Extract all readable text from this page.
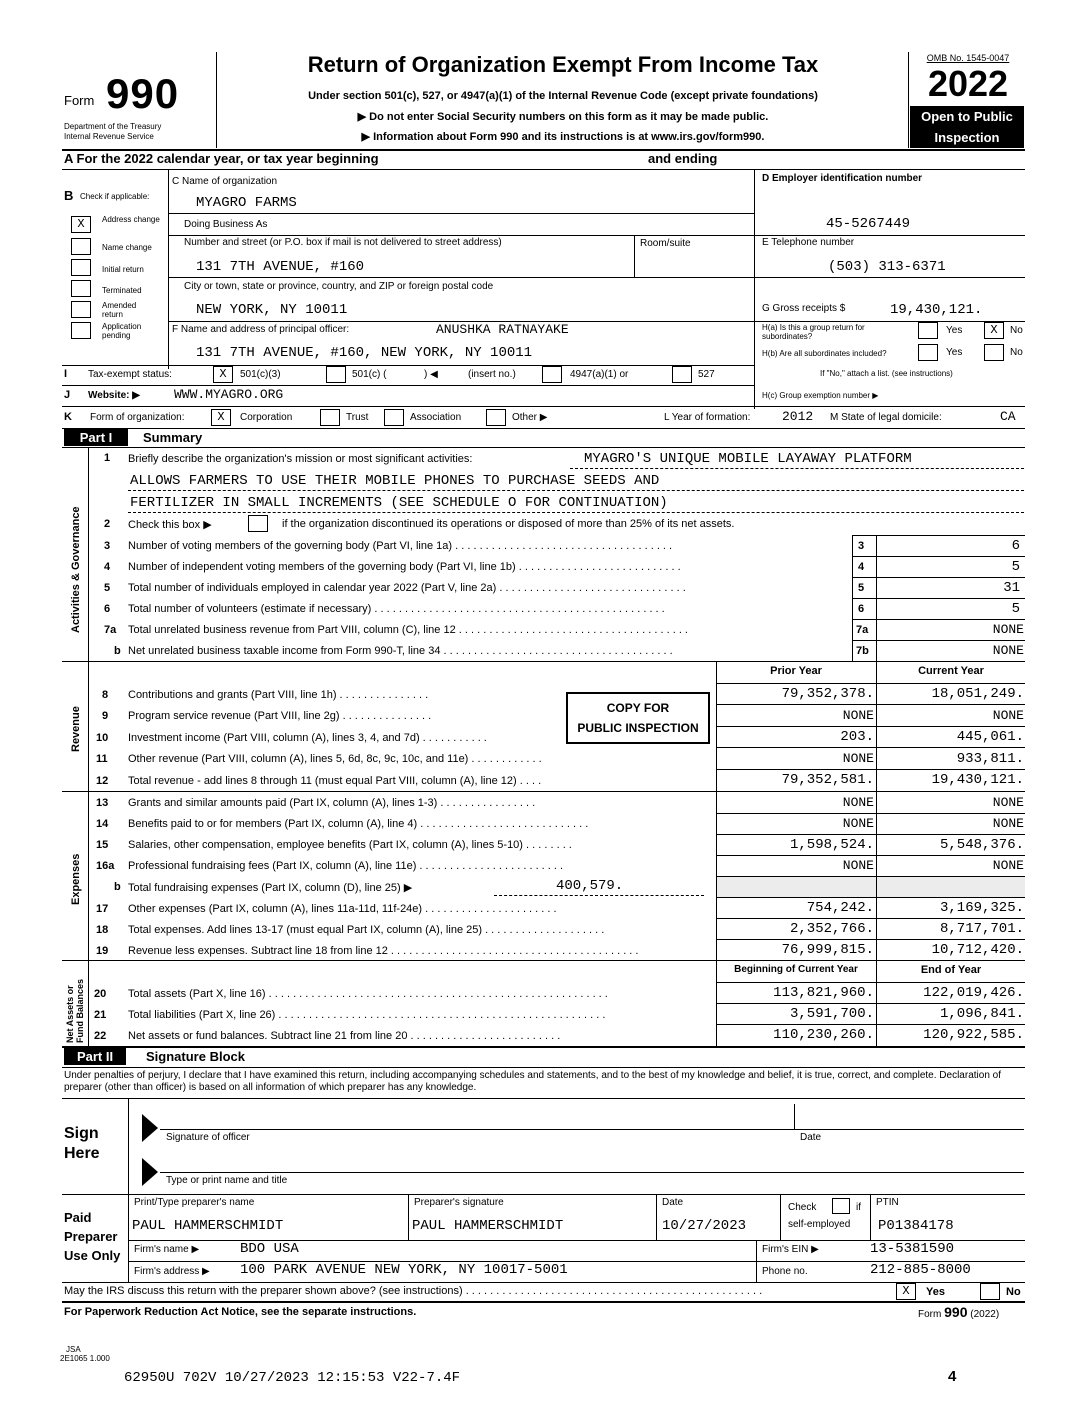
Form 990
Department of the Treasury
Internal Revenue Service
Return of Organization Exempt From Income Tax
Under section 501(c), 527, or 4947(a)(1) of the Internal Revenue Code (except private foundations)
▶ Do not enter Social Security numbers on this form as it may be made public.
▶ Information about Form 990 and its instructions is at www.irs.gov/form990.
OMB No. 1545-0047
2022
Open to Public
Inspection
A For the 2022 calendar year, or tax year beginning	and ending
B Check if applicable:
X	Address change
Name change
Initial return
Terminated
Amended return
Application pending
C Name of organization
MYAGRO FARMS
Doing Business As
Number and street (or P.O. box if mail is not delivered to street address)	Room/suite
131 7TH AVENUE, #160
City or town, state or province, country, and ZIP or foreign postal code
NEW YORK, NY 10011
F Name and address of principal officer:	ANUSHKA RATNAYAKE
131 7TH AVENUE, #160, NEW YORK, NY 10011
D Employer identification number
45-5267449
E Telephone number
(503) 313-6371
G Gross receipts $	19,430,121.
H(a) Is this a group return for subordinates?
Yes	X	No
H(b) Are all subordinates included?	Yes	No
If "No," attach a list. (see instructions)
H(c) Group exemption number ▶
I Tax-exempt status:	X	501(c)(3)	501(c) (	) ◀	(insert no.)	4947(a)(1) or	527
J Website: ▶	WWW.MYAGRO.ORG
K Form of organization:	X	Corporation	Trust	Association	Other ▶	L Year of formation: 2012 M State of legal domicile:	CA
Part I	Summary
Activities & Governance
Revenue
Expenses
Net Assets or Fund Balances
1 Briefly describe the organization's mission or most significant activities:	MYAGRO'S UNIQUE MOBILE LAYAWAY PLATFORM
ALLOWS FARMERS TO USE THEIR MOBILE PHONES TO PURCHASE SEEDS AND
FERTILIZER IN SMALL INCREMENTS (SEE SCHEDULE O FOR CONTINUATION)
2 Check this box ▶	if the organization discontinued its operations or disposed of more than 25% of its net assets.
3 Number of voting members of the governing body (Part VI, line 1a) . . . . . . . . . . . . . . . . . . . . . . . . . . . . . . . . . . . .	3	6
4 Number of independent voting members of the governing body (Part VI, line 1b) . . . . . . . . . . . . . . . . . . . . . . . . . . .	4	5
5 Total number of individuals employed in calendar year 2022 (Part V, line 2a) . . . . . . . . . . . . . . . . . . . . . . . . . . . . . . .	5	31
6 Total number of volunteers (estimate if necessary) . . . . . . . . . . . . . . . . . . . . . . . . . . . . . . . . . . . . . . . . . . . . . . . .	6	5
7a Total unrelated business revenue from Part VIII, column (C), line 12 . . . . . . . . . . . . . . . . . . . . . . . . . . . . . . . . . . . . . .	7a	NONE
b Net unrelated business taxable income from Form 990-T, line 34 . . . . . . . . . . . . . . . . . . . . . . . . . . . . . . . . . . . . . .	7b	NONE
Prior Year	Current Year
COPY FOR
PUBLIC INSPECTION
8 Contributions and grants (Part VIII, line 1h) . . . . . . . . . . . . . . .	79,352,378.	18,051,249.
9 Program service revenue (Part VIII, line 2g) . . . . . . . . . . . . . . .	NONE	NONE
10 Investment income (Part VIII, column (A), lines 3, 4, and 7d) . . . . . . . . . . .	203.	445,061.
11 Other revenue (Part VIII, column (A), lines 5, 6d, 8c, 9c, 10c, and 11e) . . . . . . . . . . . .	NONE	933,811.
12 Total revenue - add lines 8 through 11 (must equal Part VIII, column (A), line 12) . . . .	79,352,581.	19,430,121.
13 Grants and similar amounts paid (Part IX, column (A), lines 1-3) . . . . . . . . . . . . . . . .	NONE	NONE
14 Benefits paid to or for members (Part IX, column (A), line 4) . . . . . . . . . . . . . . . . . . . . . . . . . . . .	NONE	NONE
15 Salaries, other compensation, employee benefits (Part IX, column (A), lines 5-10) . . . . . . . .	1,598,524.	5,548,376.
16a Professional fundraising fees (Part IX, column (A), line 11e) . . . . . . . . . . . . . . . . . . . . . . . .	NONE	NONE
b Total fundraising expenses (Part IX, column (D), line 25) ▶	400,579.
17 Other expenses (Part IX, column (A), lines 11a-11d, 11f-24e) . . . . . . . . . . . . . . . . . . . . . .	754,242.	3,169,325.
18 Total expenses. Add lines 13-17 (must equal Part IX, column (A), line 25) . . . . . . . . . . . . . . . . . . . .	2,352,766.	8,717,701.
19 Revenue less expenses. Subtract line 18 from line 12 . . . . . . . . . . . . . . . . . . . . . . . . . . . . . . . . . . . . . . . . .	76,999,815.	10,712,420.
Beginning of Current Year	End of Year
20 Total assets (Part X, line 16) . . . . . . . . . . . . . . . . . . . . . . . . . . . . . . . . . . . . . . . . . . . . . . . . . . . . . . . .	113,821,960.	122,019,426.
21 Total liabilities (Part X, line 26) . . . . . . . . . . . . . . . . . . . . . . . . . . . . . . . . . . . . . . . . . . . . . . . . . . . . . .	3,591,700.	1,096,841.
22 Net assets or fund balances. Subtract line 21 from line 20 . . . . . . . . . . . . . . . . . . . . . . . . .	110,230,260.	120,922,585.
Part II	Signature Block
Under penalties of perjury, I declare that I have examined this return, including accompanying schedules and statements, and to the best of my knowledge and belief, it is true, correct, and complete. Declaration of preparer (other than officer) is based on all information of which preparer has any knowledge.
Sign
Here
Signature of officer	Date
Type or print name and title
Paid
Preparer
Use Only
Print/Type preparer's name	Preparer's signature	Date	Check	if
self-employed
PTIN
PAUL HAMMERSCHMIDT	PAUL HAMMERSCHMIDT	10/27/2023	P01384178
Firm's name ▶	BDO USA	Firm's EIN ▶	13-5381590
Firm's address ▶ 100 PARK AVENUE NEW YORK, NY 10017-5001	Phone no.	212-885-8000
May the IRS discuss this return with the preparer shown above? (see instructions) . . . . . . . . . . . . . . . . . . . . . . . . . . . . . . . . . . . . . . . . . . . . . . . . .	X	Yes	No
For Paperwork Reduction Act Notice, see the separate instructions.	Form 990 (2022)
JSA
2E1065 1.000
62950U 702V 10/27/2023 12:15:53 V22-7.4F	4
